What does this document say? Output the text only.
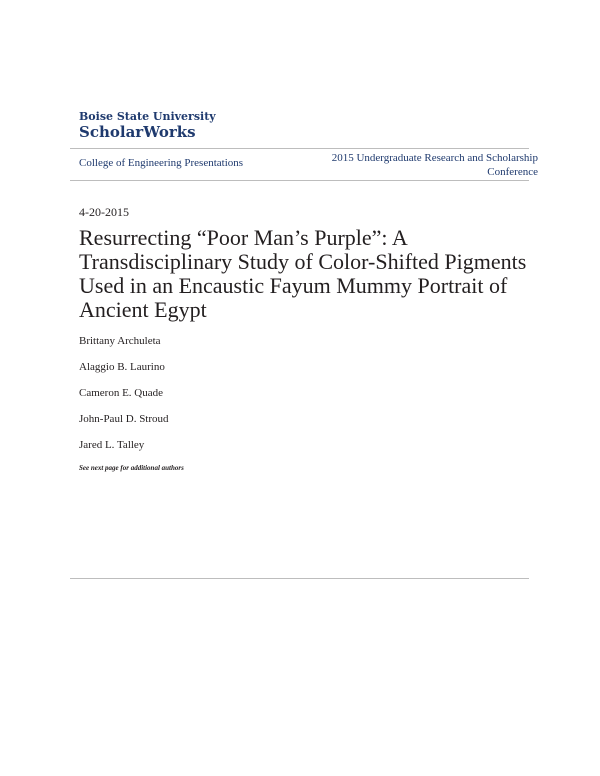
Boise State University

ScholarWorks

College of Engineering Presentations	2015 Undergraduate Research and Scholarship
Conference
4-20-2015
Resurrecting “Poor Man’s Purple”: A Transdisciplinary Study of Color-Shifted Pigments Used in an Encaustic Fayum Mummy Portrait of Ancient Egypt
Brittany Archuleta
Alaggio B. Laurino
Cameron E. Quade
John-Paul D. Stroud
Jared L. Talley
See next page for additional authors
